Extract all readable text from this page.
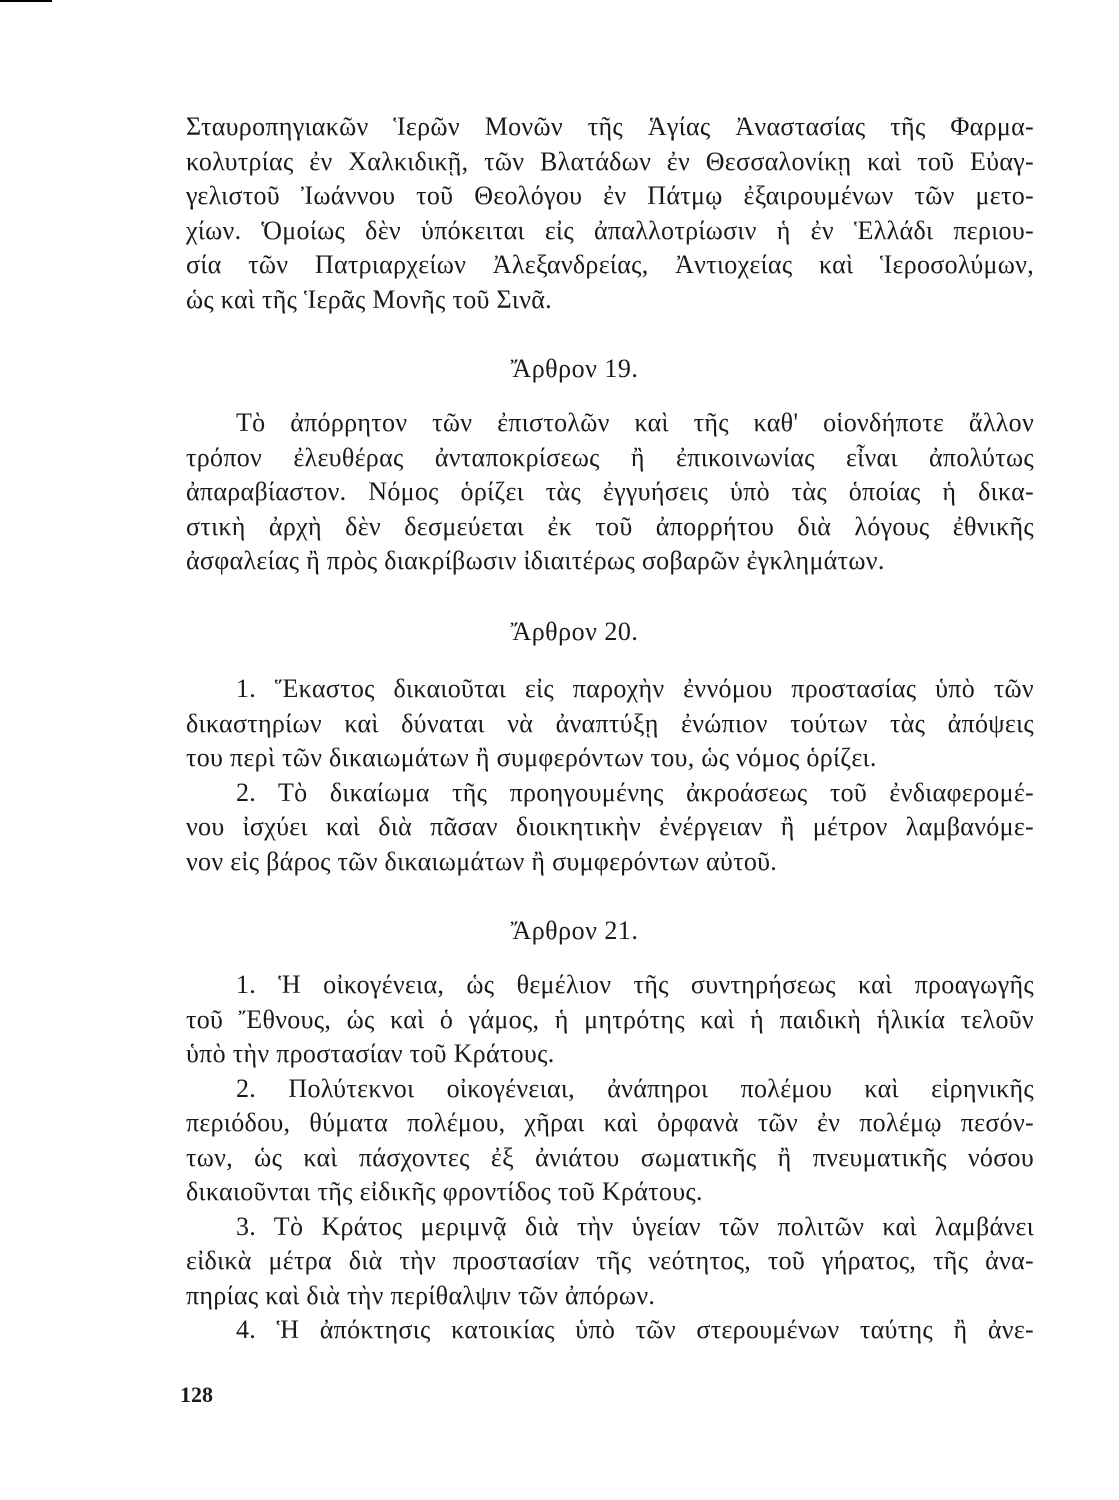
Σταυροπηγιακῶν Ἱερῶν Μονῶν τῆς Ἁγίας Ἀναστασίας τῆς Φαρμα-
κολυτρίας ἐν Χαλκιδικῇ, τῶν Βλατάδων ἐν Θεσσαλονίκῃ καὶ τοῦ Εὐαγ-
γελιστοῦ Ἰωάννου τοῦ Θεολόγου ἐν Πάτμῳ ἐξαιρουμένων τῶν μετο-
χίων. Ὁμοίως δὲν ὑπόκειται εἰς ἀπαλλοτρίωσιν ἡ ἐν Ἑλλάδι περιου-
σία τῶν Πατριαρχείων Ἀλεξανδρείας, Ἀντιοχείας καὶ Ἱεροσολύμων,
ὡς καὶ τῆς Ἱερᾶς Μονῆς τοῦ Σινᾶ.
Ἄρθρον 19.
Τὸ ἀπόρρητον τῶν ἐπιστολῶν καὶ τῆς καθ' οἱονδήποτε ἄλλον
τρόπον ἐλευθέρας ἀνταποκρίσεως ἢ ἐπικοινωνίας εἶναι ἀπολύτως
ἀπαραβίαστον. Νόμος ὁρίζει τὰς ἐγγυήσεις ὑπὸ τὰς ὁποίας ἡ δικα-
στικὴ ἀρχὴ δὲν δεσμεύεται ἐκ τοῦ ἀπορρήτου διὰ λόγους ἐθνικῆς
ἀσφαλείας ἢ πρὸς διακρίβωσιν ἰδιαιτέρως σοβαρῶν ἐγκλημάτων.
Ἄρθρον 20.
1. Ἕκαστος δικαιοῦται εἰς παροχὴν ἐννόμου προστασίας ὑπὸ τῶν
δικαστηρίων καὶ δύναται νὰ ἀναπτύξῃ ἐνώπιον τούτων τὰς ἀπόψεις
του περὶ τῶν δικαιωμάτων ἢ συμφερόντων του, ὡς νόμος ὁρίζει.
2. Τὸ δικαίωμα τῆς προηγουμένης ἀκροάσεως τοῦ ἐνδιαφερομέ-
νου ἰσχύει καὶ διὰ πᾶσαν διοικητικὴν ἐνέργειαν ἢ μέτρον λαμβανόμε-
νον εἰς βάρος τῶν δικαιωμάτων ἢ συμφερόντων αὐτοῦ.
Ἄρθρον 21.
1. Ἡ οἰκογένεια, ὡς θεμέλιον τῆς συντηρήσεως καὶ προαγωγῆς
τοῦ Ἔθνους, ὡς καὶ ὁ γάμος, ἡ μητρότης καὶ ἡ παιδικὴ ἡλικία τελοῦν
ὑπὸ τὴν προστασίαν τοῦ Κράτους.
2. Πολύτεκνοι οἰκογένειαι, ἀνάπηροι πολέμου καὶ εἰρηνικῆς
περιόδου, θύματα πολέμου, χῆραι καὶ ὀρφανὰ τῶν ἐν πολέμῳ πεσόν-
των, ὡς καὶ πάσχοντες ἐξ ἀνιάτου σωματικῆς ἢ πνευματικῆς νόσου
δικαιοῦνται τῆς εἰδικῆς φροντίδος τοῦ Κράτους.
3. Τὸ Κράτος μεριμνᾷ διὰ τὴν ὑγείαν τῶν πολιτῶν καὶ λαμβάνει
εἰδικὰ μέτρα διὰ τὴν προστασίαν τῆς νεότητος, τοῦ γήρατος, τῆς ἀνα-
πηρίας καὶ διὰ τὴν περίθαλψιν τῶν ἀπόρων.
4. Ἡ ἀπόκτησις κατοικίας ὑπὸ τῶν στερουμένων ταύτης ἢ ἀνε-
128
